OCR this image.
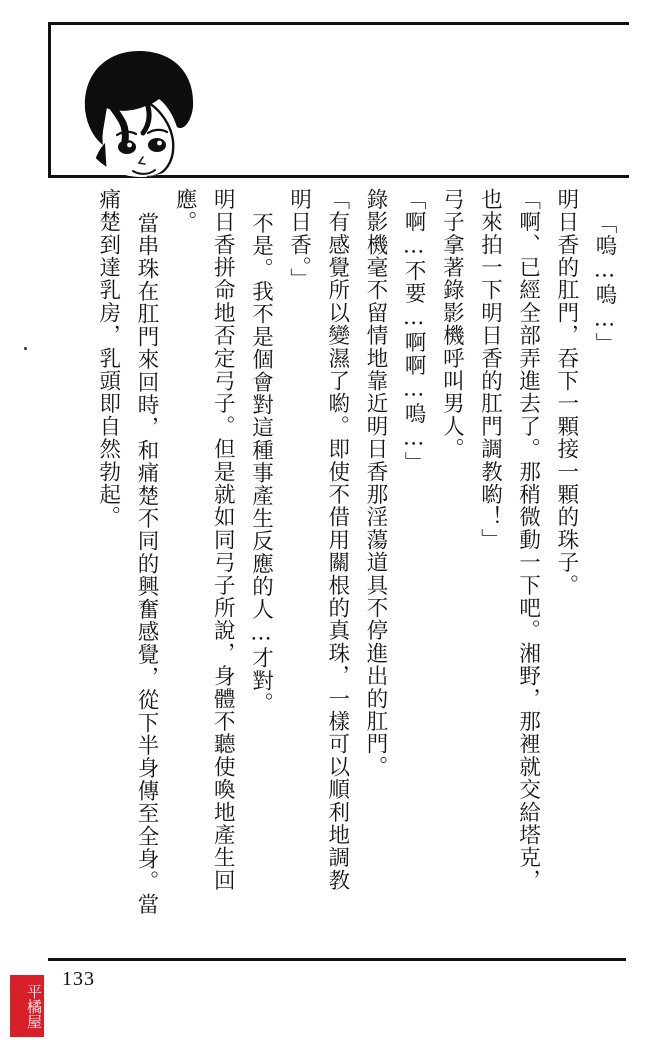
「嗚…嗚…」
明日香的肛門，吞下一顆接一顆的珠子。
「啊、已經全部弄進去了。那稍微動一下吧。湘野，那裡就交給塔克，
也來拍一下明日香的肛門調教喲！」
弓子拿著錄影機呼叫男人。
「啊…不要…啊啊…嗚…」
錄影機毫不留情地靠近明日香那淫蕩道具不停進出的肛門。
「有感覺所以變濕了喲。即使不借用關根的真珠，一樣可以順利地調教
明日香。」
不是。我不是個會對這種事產生反應的人…才對。
明日香拼命地否定弓子。但是就如同弓子所說，身體不聽使喚地產生回
應。
當串珠在肛門來回時，和痛楚不同的興奮感覺，從下半身傳至全身。當
痛楚到達乳房，乳頭即自然勃起。
133
平橘屋
